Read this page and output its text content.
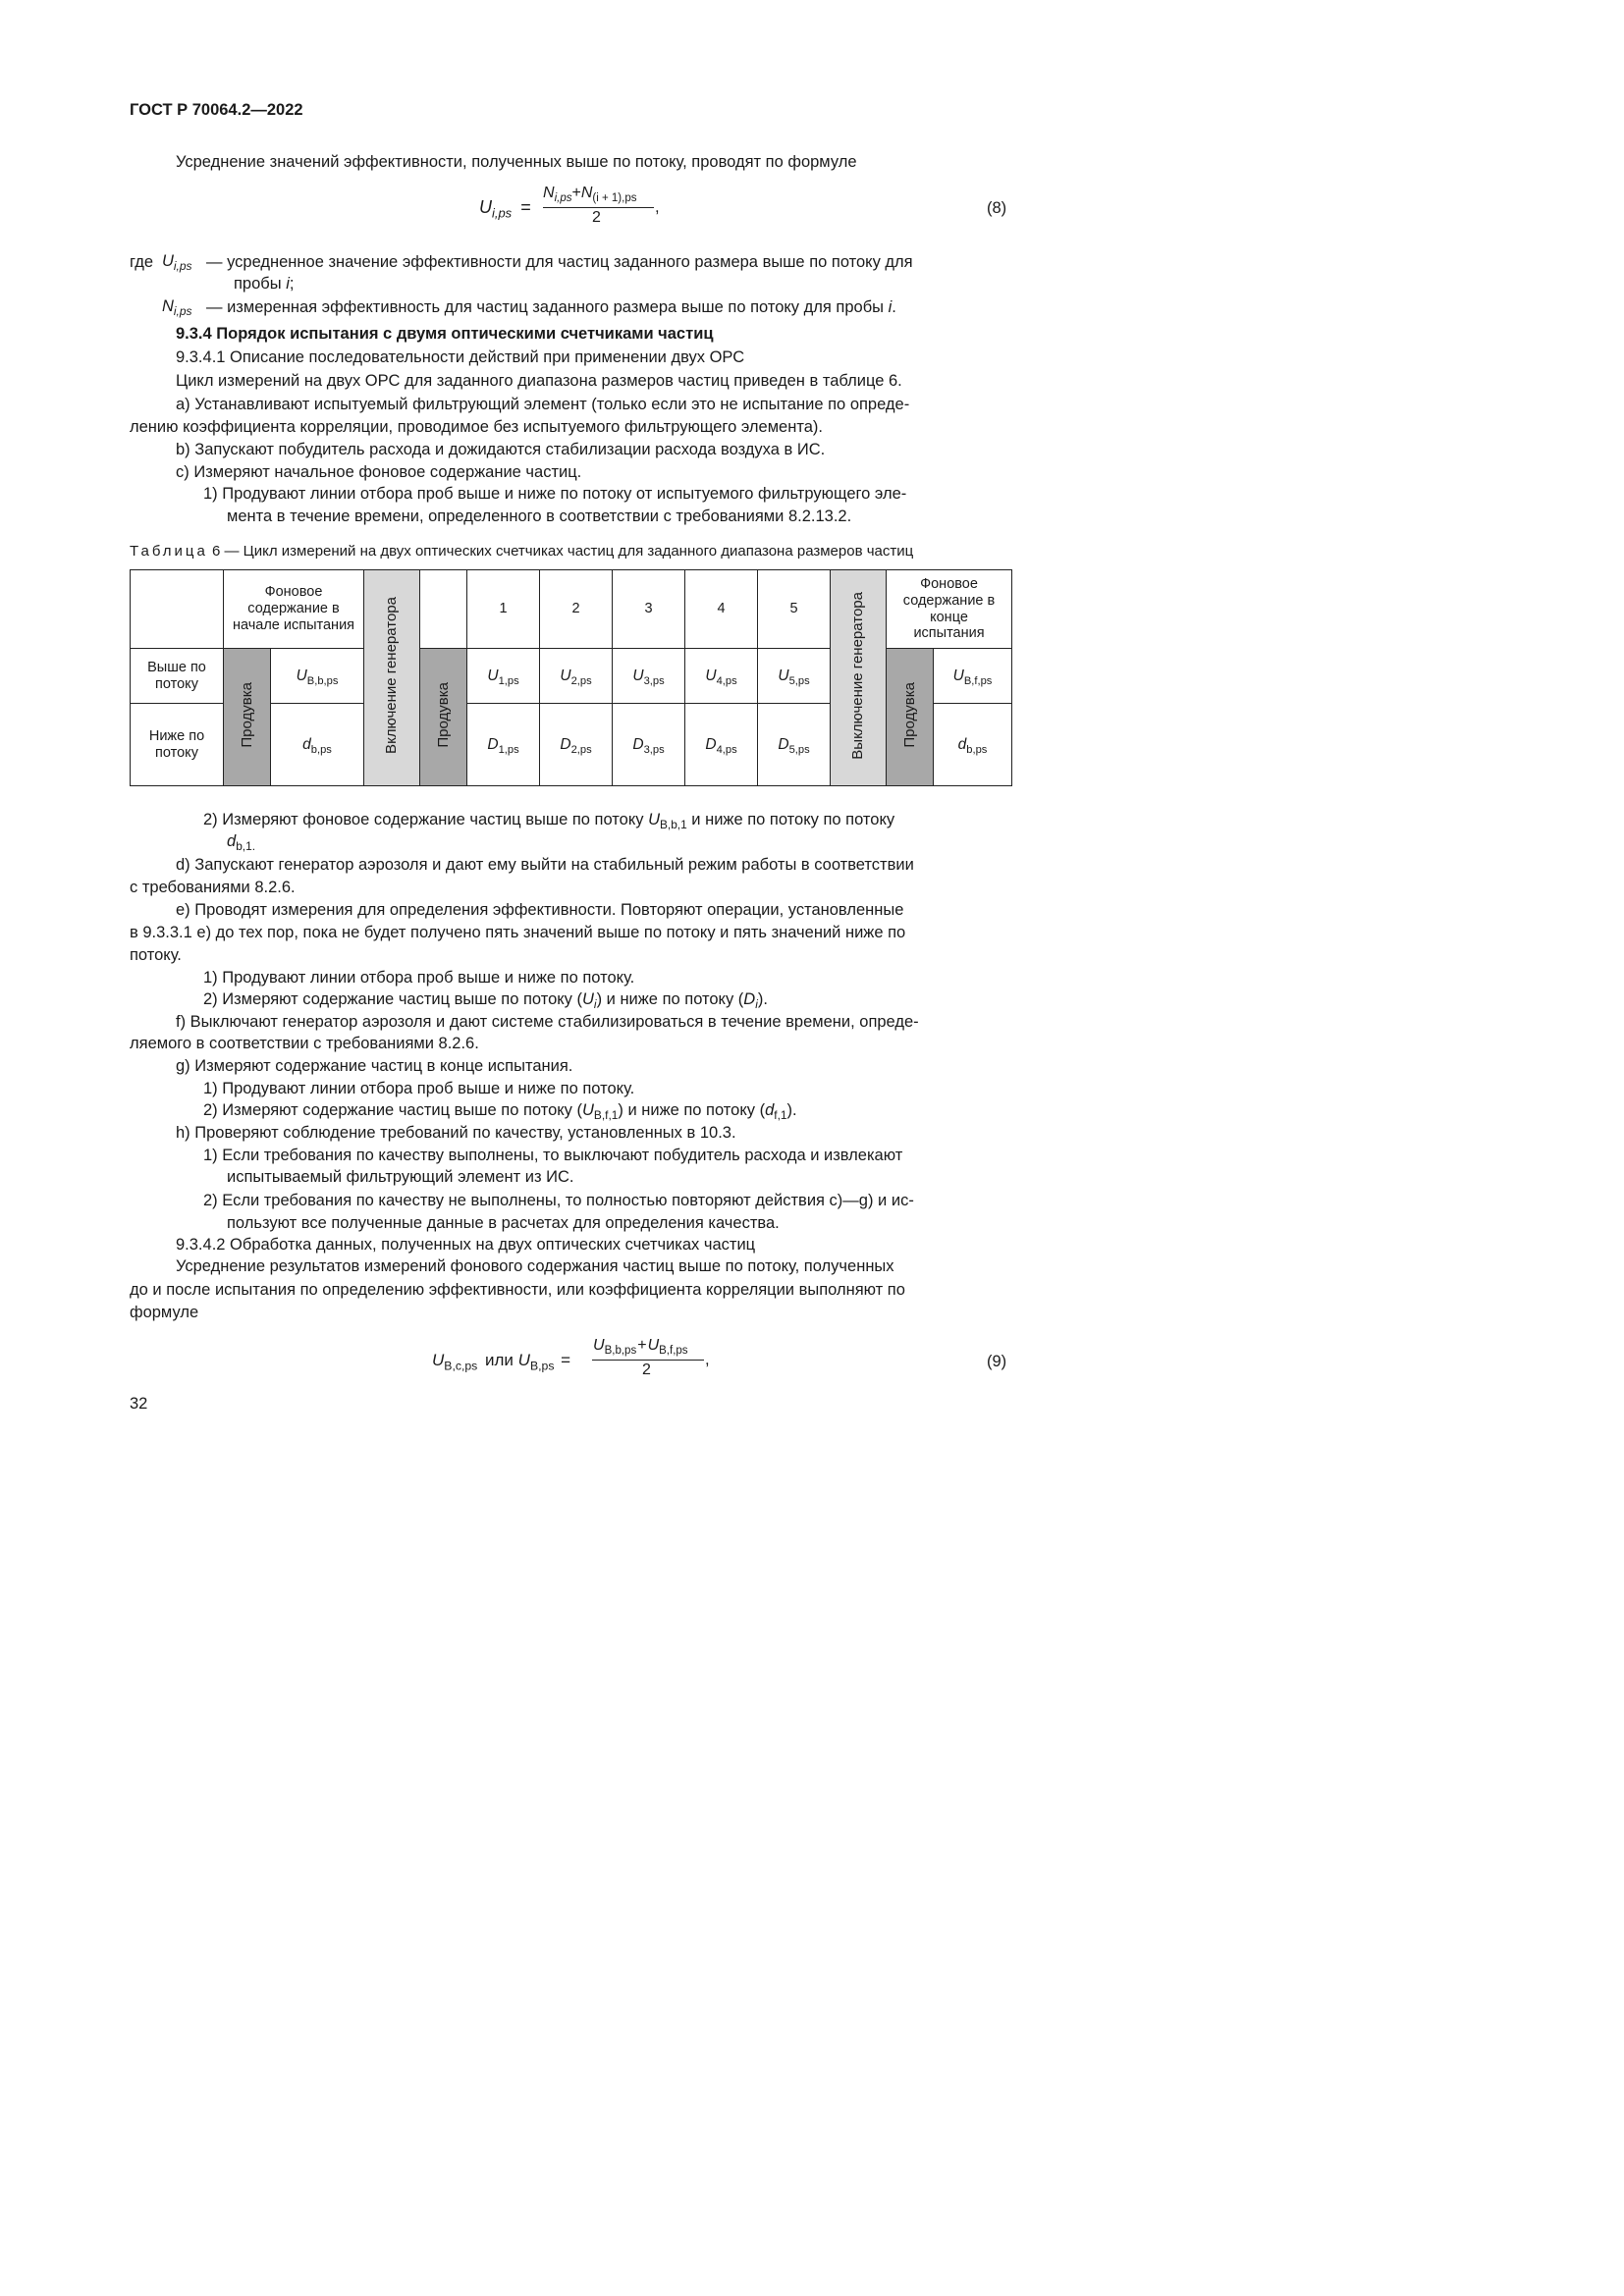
ГОСТ Р 70064.2—2022
Усреднение значений эффективности, полученных выше по потоку, проводят по формуле
$U_{i,ps}$ =
$N_{i,ps}+N_{(i + 1),ps}$
2
,	(8)
где $U_{i,ps}$ — усредненное значение эффективности для частиц заданного размера выше по потоку для
пробы i;
$N_{i,ps}$ — измеренная эффективность для частиц заданного размера выше по потоку для пробы i.
9.3.4 Порядок испытания с двумя оптическими счетчиками частиц
9.3.4.1 Описание последовательности действий при применении двух ОРС
Цикл измерений на двух ОРС для заданного диапазона размеров частиц приведен в таблице 6.
а) Устанавливают испытуемый фильтрующий элемент (только если это не испытание по опреде-
лению коэффициента корреляции, проводимое без испытуемого фильтрующего элемента).
b) Запускают побудитель расхода и дожидаются стабилизации расхода воздуха в ИС.
с) Измеряют начальное фоновое содержание частиц.
1) Продувают линии отбора проб выше и ниже по потоку от испытуемого фильтрующего эле-
мента в течение времени, определенного в соответствии с требованиями 8.2.13.2.
Таблица 6 — Цикл измерений на двух оптических счетчиках частиц для заданного диапазона размеров частиц
	Фоновое содержание в начале испытания		Включение генератора		1	2	3	4	5	Выключение генератора	Фоновое содержание в конце испытания	
Выше по потоку	Продувка	$U_{B,b,ps}$		Продувка	$U_{1,ps}$	$U_{2,ps}$	$U_{3,ps}$	$U_{4,ps}$	$U_{5,ps}$		Продувка	$U_{B,f,ps}$
Ниже по потоку		$d_{b,ps}$			$D_{1,ps}$	$D_{2,ps}$	$D_{3,ps}$	$D_{4,ps}$	$D_{5,ps}$			$d_{b,ps}$
2) Измеряют фоновое содержание частиц выше по потоку $U_{B,b,1}$ и ниже по потоку по потоку
$d_{b,1.}$
d) Запускают генератор аэрозоля и дают ему выйти на стабильный режим работы в соответствии
с требованиями 8.2.6.
e) Проводят измерения для определения эффективности. Повторяют операции, установленные
в 9.3.3.1 е) до тех пор, пока не будет получено пять значений выше по потоку и пять значений ниже по
потоку.
1) Продувают линии отбора проб выше и ниже по потоку.
2) Измеряют содержание частиц выше по потоку $(U_i)$ и ниже по потоку $(D_i)$.
f) Выключают генератор аэрозоля и дают системе стабилизироваться в течение времени, опреде-
ляемого в соответствии с требованиями 8.2.6.
g) Измеряют содержание частиц в конце испытания.
1) Продувают линии отбора проб выше и ниже по потоку.
2) Измеряют содержание частиц выше по потоку $(U_{B,f,1})$ и ниже по потоку $(d_{f,1})$.
h) Проверяют соблюдение требований по качеству, установленных в 10.3.
1) Если требования по качеству выполнены, то выключают побудитель расхода и извлекают
испытываемый фильтрующий элемент из ИС.
2) Если требования по качеству не выполнены, то полностью повторяют действия с)—g) и ис-
пользуют все полученные данные в расчетах для определения качества.
9.3.4.2 Обработка данных, полученных на двух оптических счетчиках частиц
Усреднение результатов измерений фонового содержания частиц выше по потоку, полученных
до и после испытания по определению эффективности, или коэффициента корреляции выполняют по
формуле
$U_{B,c,ps}$ или $U_{B,ps}$ =
$U_{B,b,ps}+U_{B,f,ps}$
2
,	(9)
32
